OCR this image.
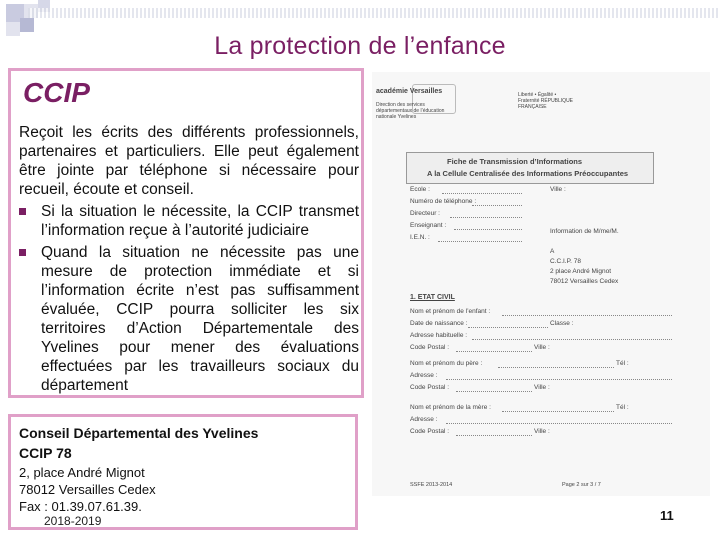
La protection de l’enfance
CCIP
Reçoit les écrits des différents professionnels, partenaires et particuliers. Elle peut également être jointe par téléphone si nécessaire pour recueil, écoute et conseil.
Si la situation le nécessite, la CCIP transmet l’information reçue à l’autorité judiciaire
Quand la situation ne nécessite pas une mesure de protection immédiate et si l’information écrite n’est pas suffisamment évaluée, CCIP pourra solliciter les six territoires d’Action Départementale des Yvelines pour mener des évaluations effectuées par les travailleurs sociaux du département
Conseil Départemental des Yvelines
CCIP 78
2, place André Mignot
78012 Versailles Cedex
Fax : 01.39.07.61.39.
2018-2019	11
académie Versailles
Direction des services départementaux de l’éducation nationale Yvelines
Liberté • Égalité • Fraternité RÉPUBLIQUE FRANÇAISE
Fiche de Transmission d’Informations
A la Cellule Centralisée des Informations Préoccupantes
Ecole :
Numéro de téléphone :
Directeur :
Enseignant :
I.E.N. :
Ville :
Information de M/me/M.
A
C.C.I.P. 78
2 place André Mignot
78012 Versailles Cedex
1. ETAT CIVIL
Nom et prénom de l’enfant :
Date de naissance :
Adresse habituelle :
Code Postal :
Classe :
Ville :
Nom et prénom du père :
Adresse :
Code Postal :
Tél :
Ville :
Nom et prénom de la mère :
Adresse :
Code Postal :
Tél :
Ville :
SSFE 2013-2014	Page 2 sur 3 / 7
